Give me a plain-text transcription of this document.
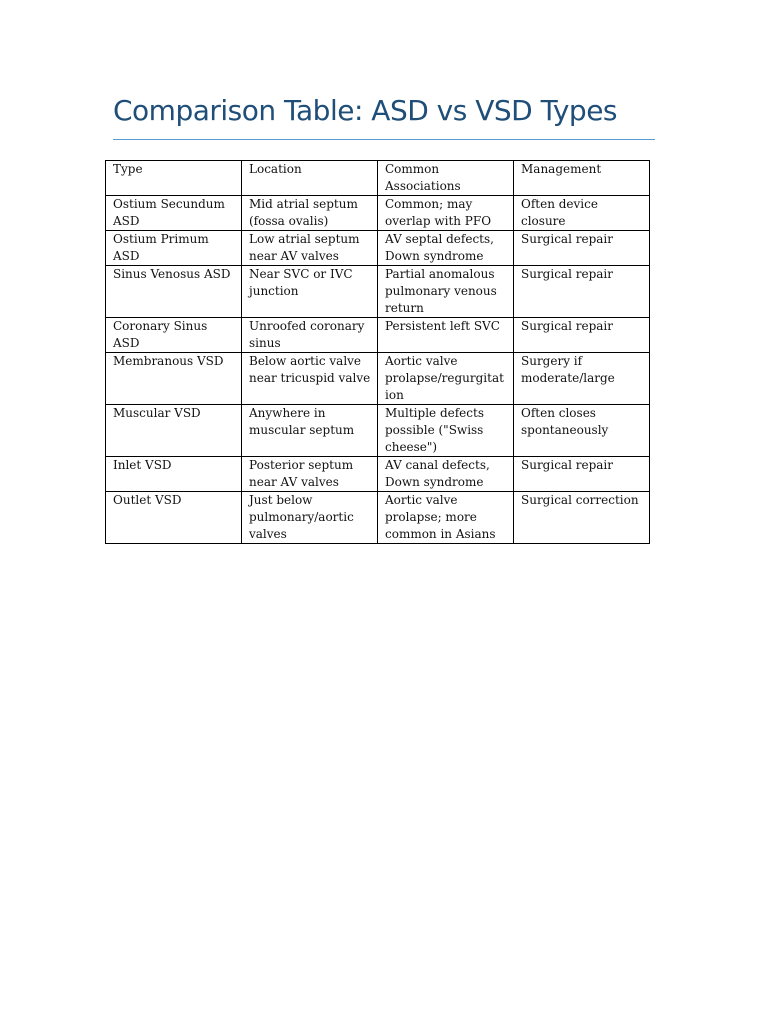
Comparison Table: ASD vs VSD Types
Type	Location	Common Associations	Management
Ostium Secundum ASD	Mid atrial septum (fossa ovalis)	Common; may overlap with PFO	Often device closure
Ostium Primum ASD	Low atrial septum near AV valves	AV septal defects, Down syndrome	Surgical repair
Sinus Venosus ASD	Near SVC or IVC junction	Partial anomalous pulmonary venous return	Surgical repair
Coronary Sinus ASD	Unroofed coronary sinus	Persistent left SVC	Surgical repair
Membranous VSD	Below aortic valve near tricuspid valve	Aortic valve prolapse/regurgitation	Surgery if moderate/large
Muscular VSD	Anywhere in muscular septum	Multiple defects possible ("Swiss cheese")	Often closes spontaneously
Inlet VSD	Posterior septum near AV valves	AV canal defects, Down syndrome	Surgical repair
Outlet VSD	Just below pulmonary/aortic valves	Aortic valve prolapse; more common in Asians	Surgical correction
